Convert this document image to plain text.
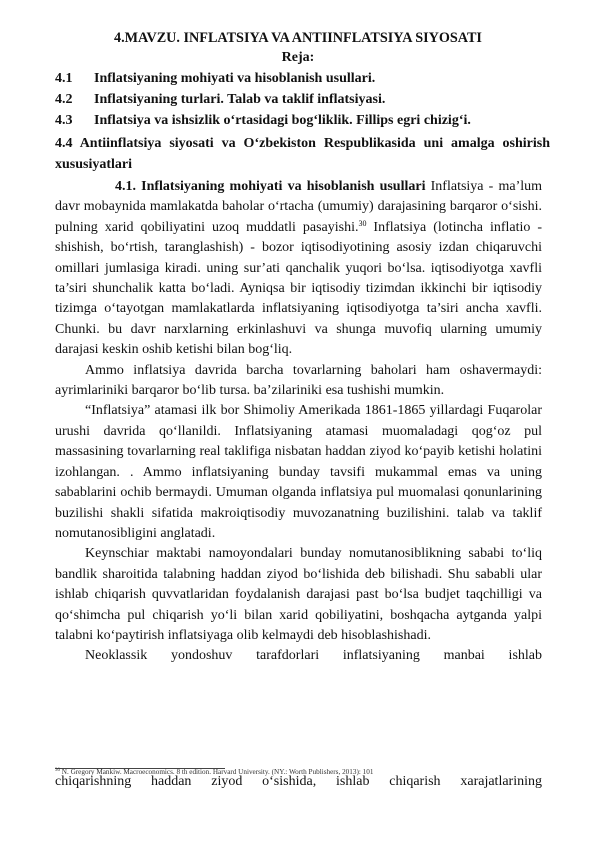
4.MAVZU. INFLATSIYA VA ANTIINFLATSIYA SIYOSATI
Reja:
4.1 Inflatsiyaning mohiyati va hisoblanish usullari.
4.2 Inflatsiyaning turlari. Talab va taklif inflatsiyasi.
4.3 Inflatsiya va ishsizlik o‘rtasidagi bog‘liklik. Fillips egri chizig‘i.
4.4 Antiinflatsiya siyosati va O‘zbekiston Respublikasida uni amalga oshirish xususiyatlari

4.1. Inflatsiyaning mohiyati va hisoblanish usullari Inflatsiya - ma’lum davr mobaynida mamlakatda baholar o‘rtacha (umumiy) darajasining barqaror o‘sishi. pulning xarid qobiliyatini uzoq muddatli pasayishi.$^{30}$ Inflatsiya (lotincha inflatio - shishish, bo‘rtish, taranglashish) - bozor iqtisodiyotining asosiy izdan chiqaruvchi omillari jumlasiga kiradi. uning sur’ati qanchalik yuqori bo‘lsa. iqtisodiyotga xavfli ta’siri shunchalik katta bo‘ladi. Ayniqsa bir iqtisodiy tizimdan ikkinchi bir iqtisodiy tizimga o‘tayotgan mamlakatlarda inflatsiyaning iqtisodiyotga ta’siri ancha xavfli. Chunki. bu davr narxlarning erkinlashuvi va shunga muvofiq ularning umumiy darajasi keskin oshib ketishi bilan bog‘liq.

Ammo inflatsiya davrida barcha tovarlarning baholari ham oshavermaydi: ayrimlariniki barqaror bo‘lib tursa. ba’zilariniki esa tushishi mumkin.

“Inflatsiya” atamasi ilk bor Shimoliy Amerikada 1861-1865 yillardagi Fuqarolar urushi davrida qo‘llanildi. Inflatsiyaning atamasi muomaladagi qog‘oz pul massasining tovarlarning real taklifiga nisbatan haddan ziyod ko‘payib ketishi holatini izohlangan. . Ammo inflatsiyaning bunday tavsifi mukammal emas va uning sabablarini ochib bermaydi. Umuman olganda inflatsiya pul muomalasi qonunlarining buzilishi shakli sifatida makroiqtisodiy muvozanatning buzilishini. talab va taklif nomutanosibligini anglatadi.

Keynschiar maktabi namoyondalari bunday nomutanosiblikning sababi to‘liq bandlik sharoitida talabning haddan ziyod bo‘lishida deb bilishadi. Shu sababli ular ishlab chiqarish quvvatlaridan foydalanish darajasi past bo‘lsa budjet taqchilligi va qo‘shimcha pul chiqarish yo‘li bilan xarid qobiliyatini, boshqacha aytganda yalpi talabni ko‘paytirish inflatsiyaga olib kelmaydi deb hisoblashishadi.

Neoklassik yondoshuv tarafdorlari inflatsiyaning manbai ishlab

$^{30}$ N. Gregory Mankiw. Macroeconomics. 8 th edition. Harvard University. (NY.: Worth Publishers, 2013): 101
chiqarishning haddan ziyod o‘sishida, ishlab chiqarish xarajatlarining
